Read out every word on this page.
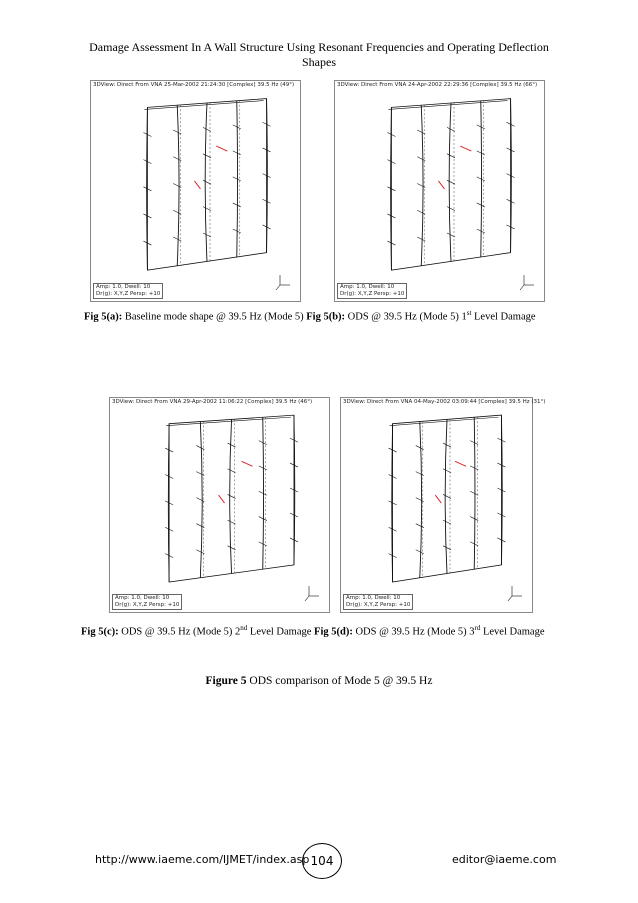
Damage Assessment In A Wall Structure Using Resonant Frequencies and Operating Deflection
Shapes
3DView: Direct From VNA 25-Mar-2002 21:24:30 [Complex] 39.5 Hz (49°)
Amp: 1.0, Dwell: 10
Dr(g): X,Y,Z Persp: +10
3DView: Direct From VNA 24-Apr-2002 22:29:36 [Complex] 39.5 Hz (66°)
Amp: 1.0, Dwell: 10
Dr(g): X,Y,Z Persp: +10
Fig 5(a): Baseline mode shape @ 39.5 Hz (Mode 5) Fig 5(b): ODS @ 39.5 Hz (Mode 5) 1st Level Damage
3DView: Direct From VNA 29-Apr-2002 11:06:22 [Complex] 39.5 Hz (46°)
Amp: 1.0, Dwell: 10
Dr(g): X,Y,Z Persp: +10
3DView: Direct From VNA 04-May-2002 03:09:44 [Complex] 39.5 Hz (31°)
Amp: 1.0, Dwell: 10
Dr(g): X,Y,Z Persp: +10
Fig 5(c): ODS @ 39.5 Hz (Mode 5) 2nd Level Damage Fig 5(d): ODS @ 39.5 Hz (Mode 5) 3rd Level Damage
Figure 5 ODS comparison of Mode 5 @ 39.5 Hz
http://www.iaeme.com/IJMET/index.asp 104	editor@iaeme.com
